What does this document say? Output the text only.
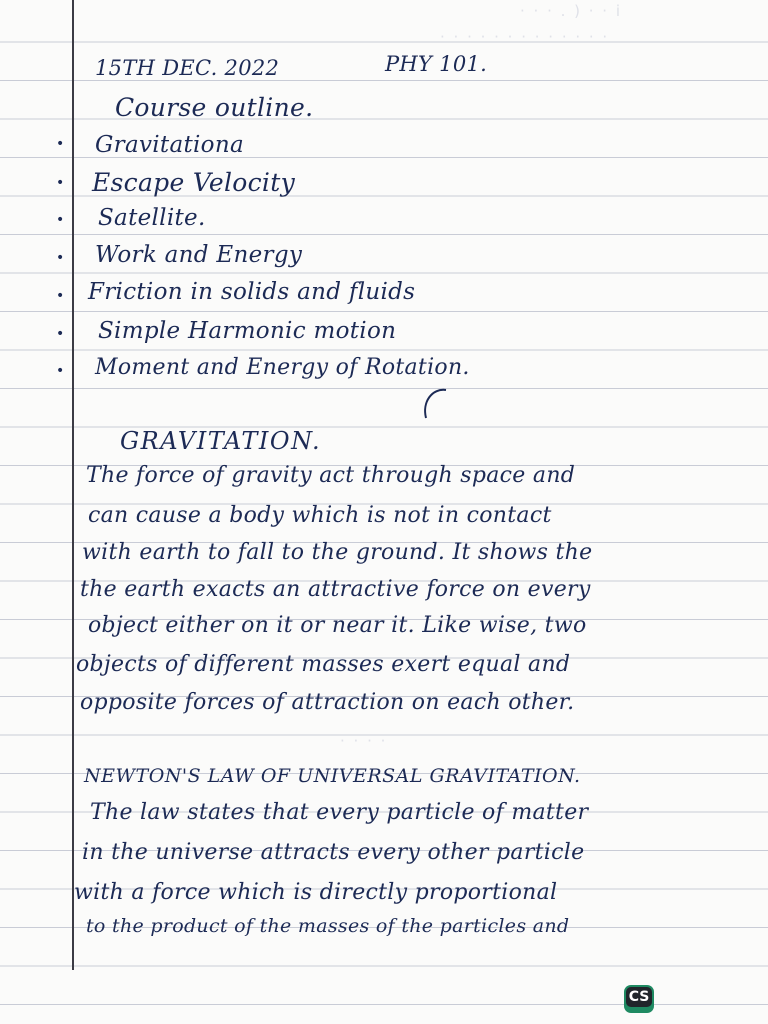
· · · . ) · · i
· · · · · · · · · · · · ·
15TH DEC. 2022	PHY 101.
Course outline.
• Gravitationa
• Escape Velocity
• Satellite.
• Work and Energy
• Friction in solids and fluids
• Simple Harmonic motion
• Moment and Energy of Rotation.
GRAVITATION.
The force of gravity act through space and
can cause a body which is not in contact
with earth to fall to the ground. It shows the
the earth exacts an attractive force on every
object either on it or near it. Like wise, two
objects of different masses exert equal and
opposite forces of attraction on each other.
· · · ·
NEWTON'S LAW OF UNIVERSAL GRAVITATION.
The law states that every particle of matter
in the universe attracts every other particle
with a force which is directly proportional
to the product of the masses of the particles and
CS
